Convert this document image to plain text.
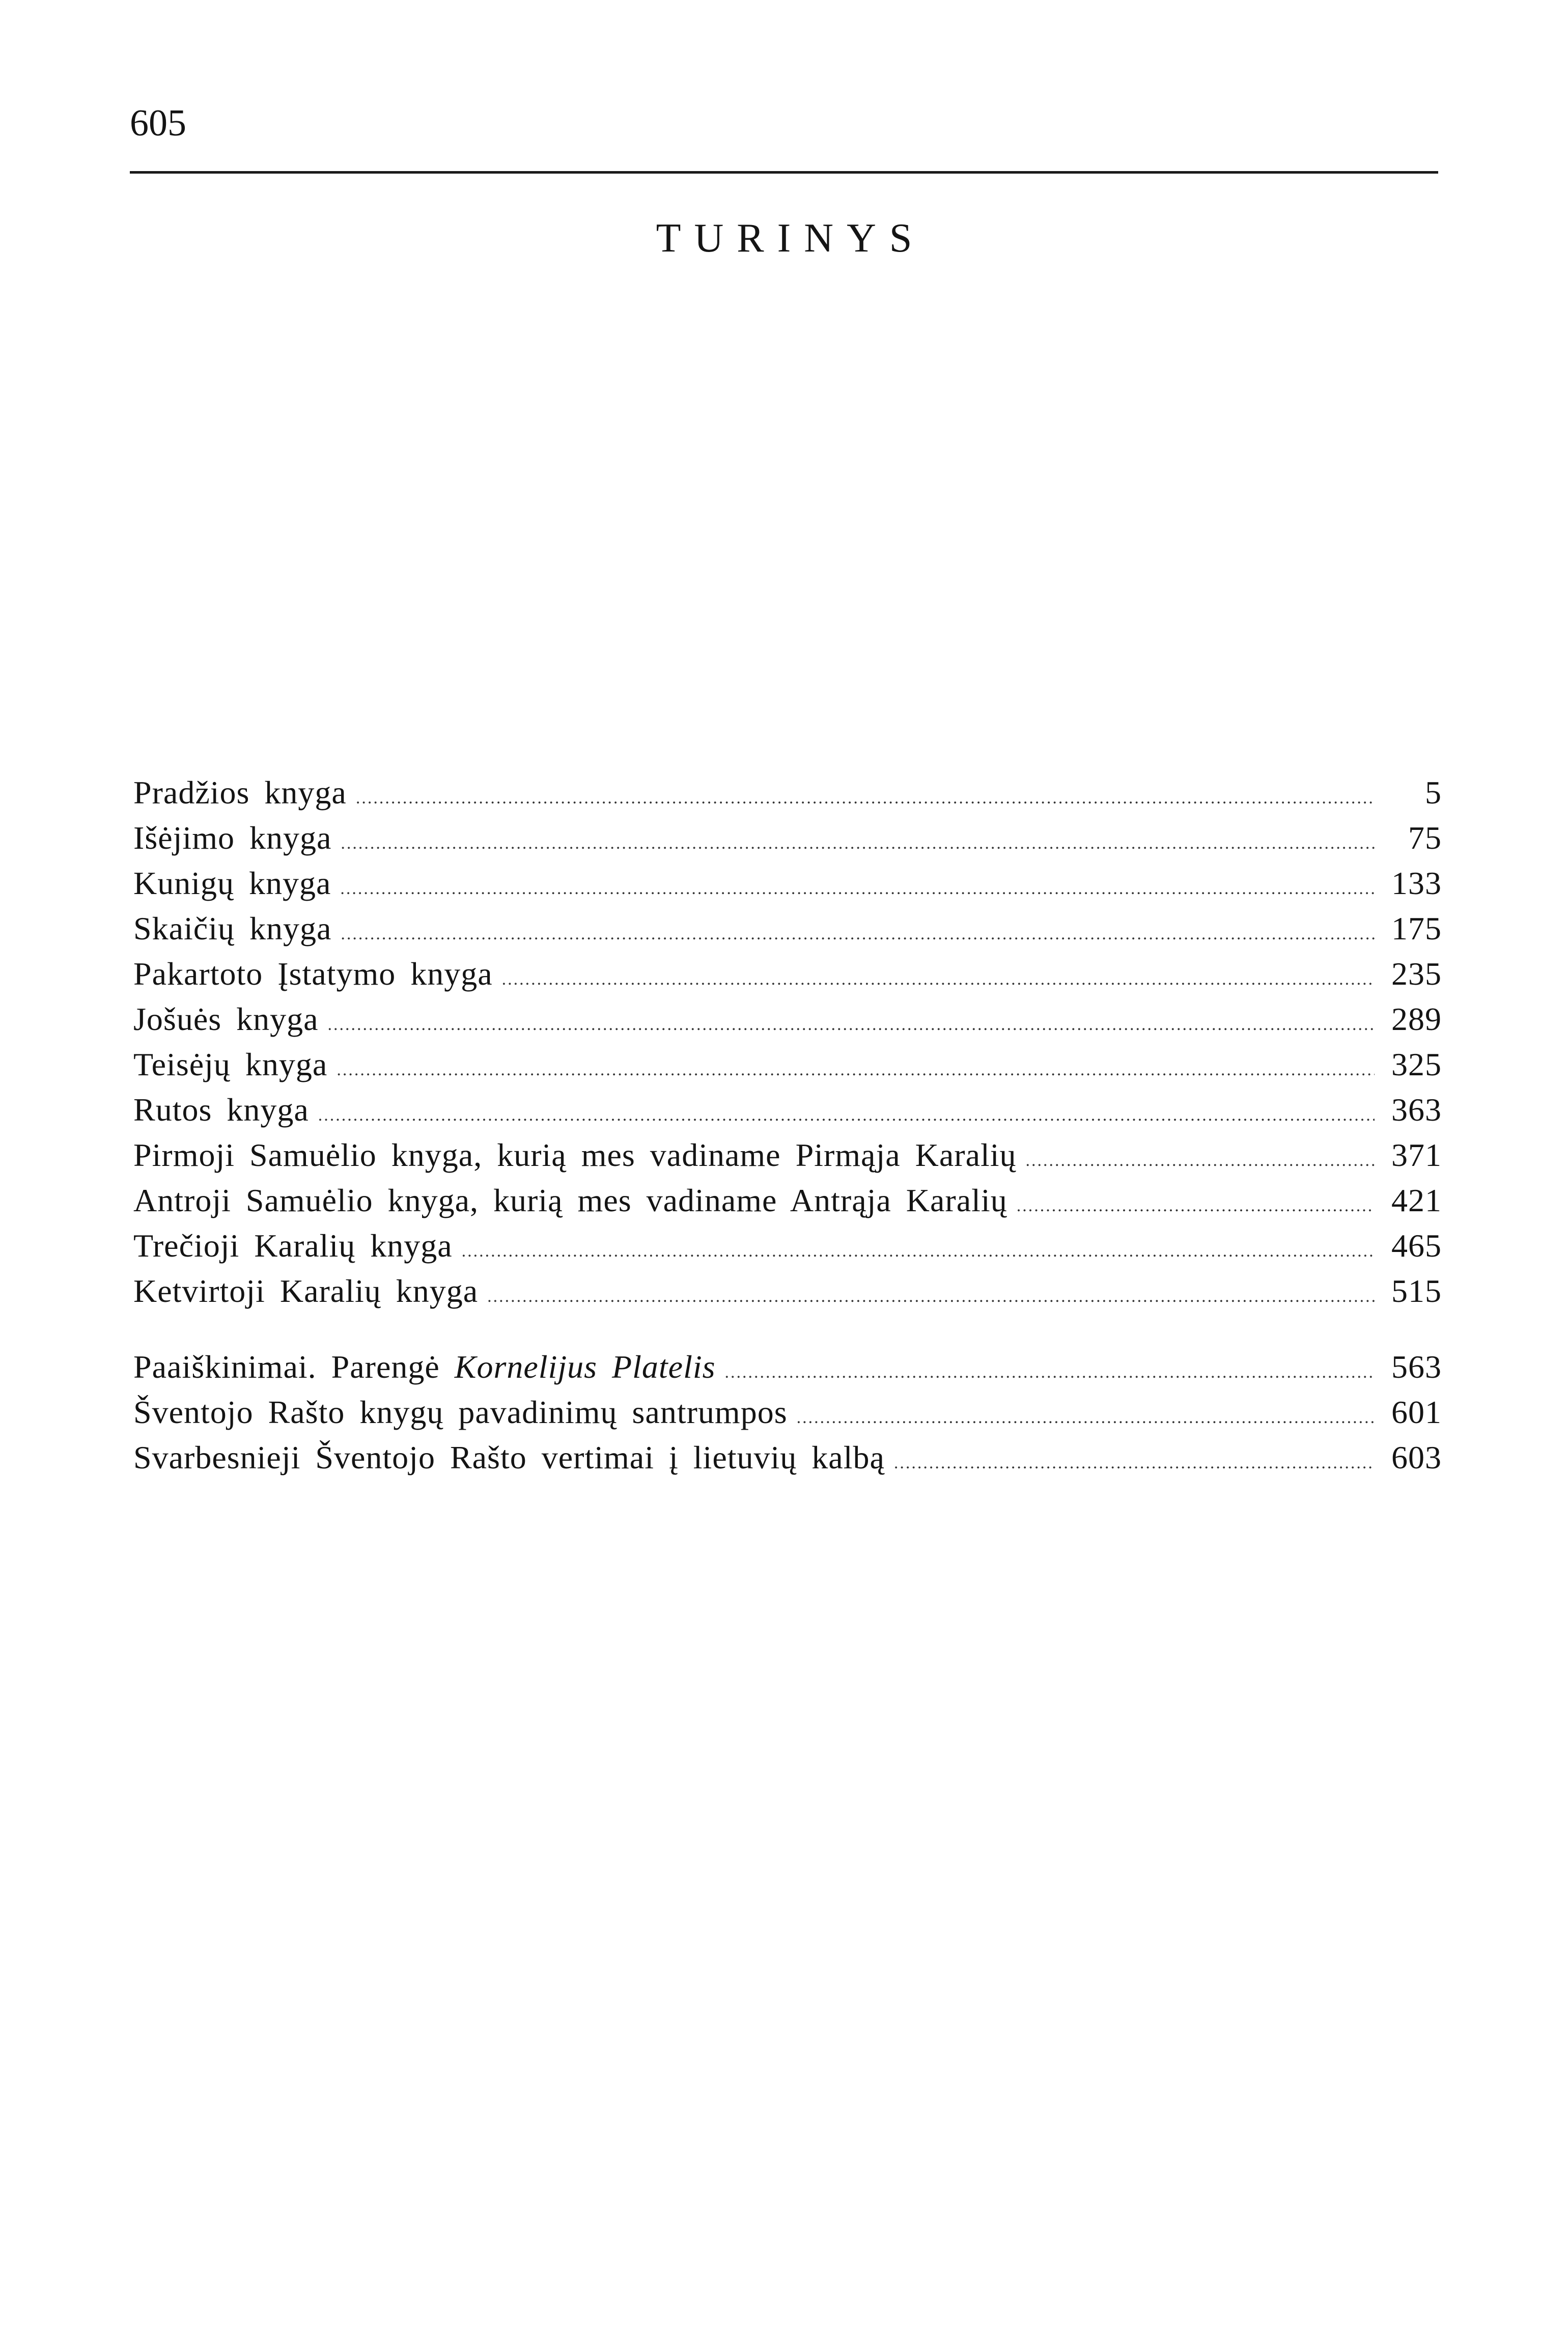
605
TURINYS
Pradžios knyga .....	5
Išėjimo knyga .....	75
Kunigų knyga .....	133
Skaičių knyga .....	175
Pakartoto Įstatymo knyga .....	235
Jošuės knyga .....	289
Teisėjų knyga .....	325
Rutos knyga .....	363
Pirmoji Samuėlio knyga, kurią mes vadiname Pirmąja Karalių .....	371
Antroji Samuėlio knyga, kurią mes vadiname Antrąja Karalių .....	421
Trečioji Karalių knyga .....	465
Ketvirtoji Karalių knyga .....	515
Paaiškinimai. Parengė Kornelijus Platelis .....	563
Šventojo Rašto knygų pavadinimų santrumpos .....	601
Svarbesnieji Šventojo Rašto vertimai į lietuvių kalbą .....	603
